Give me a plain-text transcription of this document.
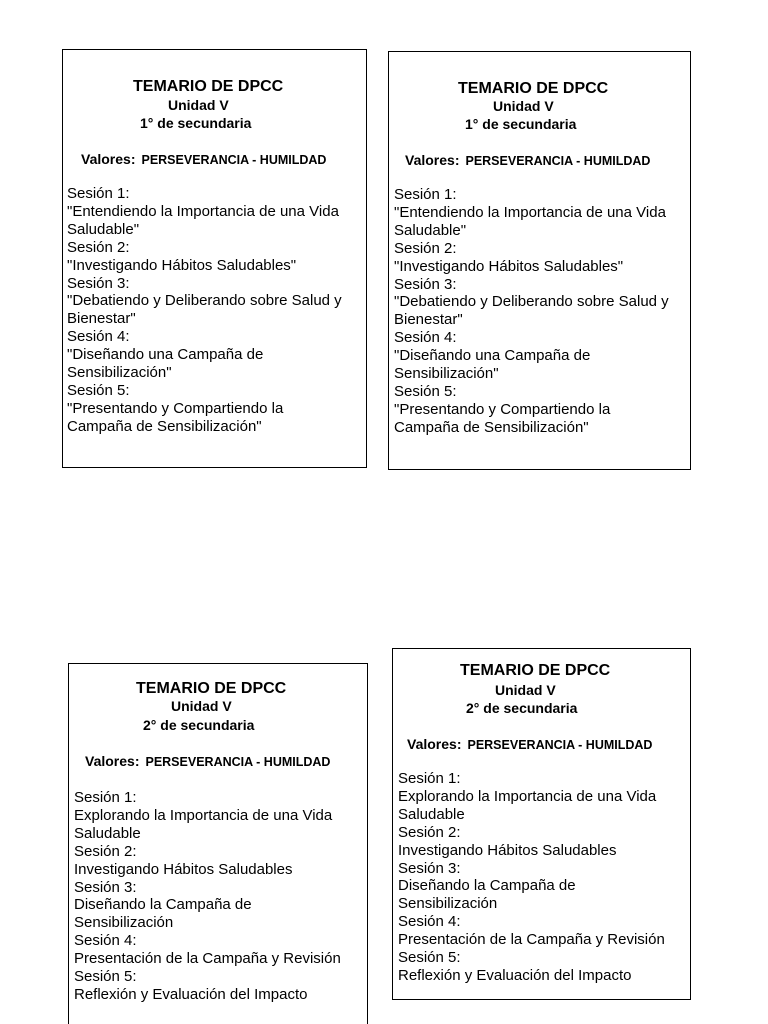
TEMARIO DE DPCC
Unidad V
1° de secundaria
Valores: PERSEVERANCIA - HUMILDAD
Sesión 1:
"Entendiendo la Importancia de una Vida
Saludable"
Sesión 2:
"Investigando Hábitos Saludables"
Sesión 3:
"Debatiendo y Deliberando sobre Salud y
Bienestar"
Sesión 4:
"Diseñando una Campaña de
Sensibilización"
Sesión 5:
"Presentando y Compartiendo la
Campaña de Sensibilización"
TEMARIO DE DPCC
Unidad V
1° de secundaria
Valores: PERSEVERANCIA - HUMILDAD
Sesión 1:
"Entendiendo la Importancia de una Vida
Saludable"
Sesión 2:
"Investigando Hábitos Saludables"
Sesión 3:
"Debatiendo y Deliberando sobre Salud y
Bienestar"
Sesión 4:
"Diseñando una Campaña de
Sensibilización"
Sesión 5:
"Presentando y Compartiendo la
Campaña de Sensibilización"
TEMARIO DE DPCC
Unidad V
2° de secundaria
Valores: PERSEVERANCIA - HUMILDAD
Sesión 1:
Explorando la Importancia de una Vida
Saludable
Sesión 2:
Investigando Hábitos Saludables
Sesión 3:
Diseñando la Campaña de
Sensibilización
Sesión 4:
Presentación de la Campaña y Revisión
Sesión 5:
Reflexión y Evaluación del Impacto
TEMARIO DE DPCC
Unidad V
2° de secundaria
Valores: PERSEVERANCIA - HUMILDAD
Sesión 1:
Explorando la Importancia de una Vida
Saludable
Sesión 2:
Investigando Hábitos Saludables
Sesión 3:
Diseñando la Campaña de
Sensibilización
Sesión 4:
Presentación de la Campaña y Revisión
Sesión 5:
Reflexión y Evaluación del Impacto
